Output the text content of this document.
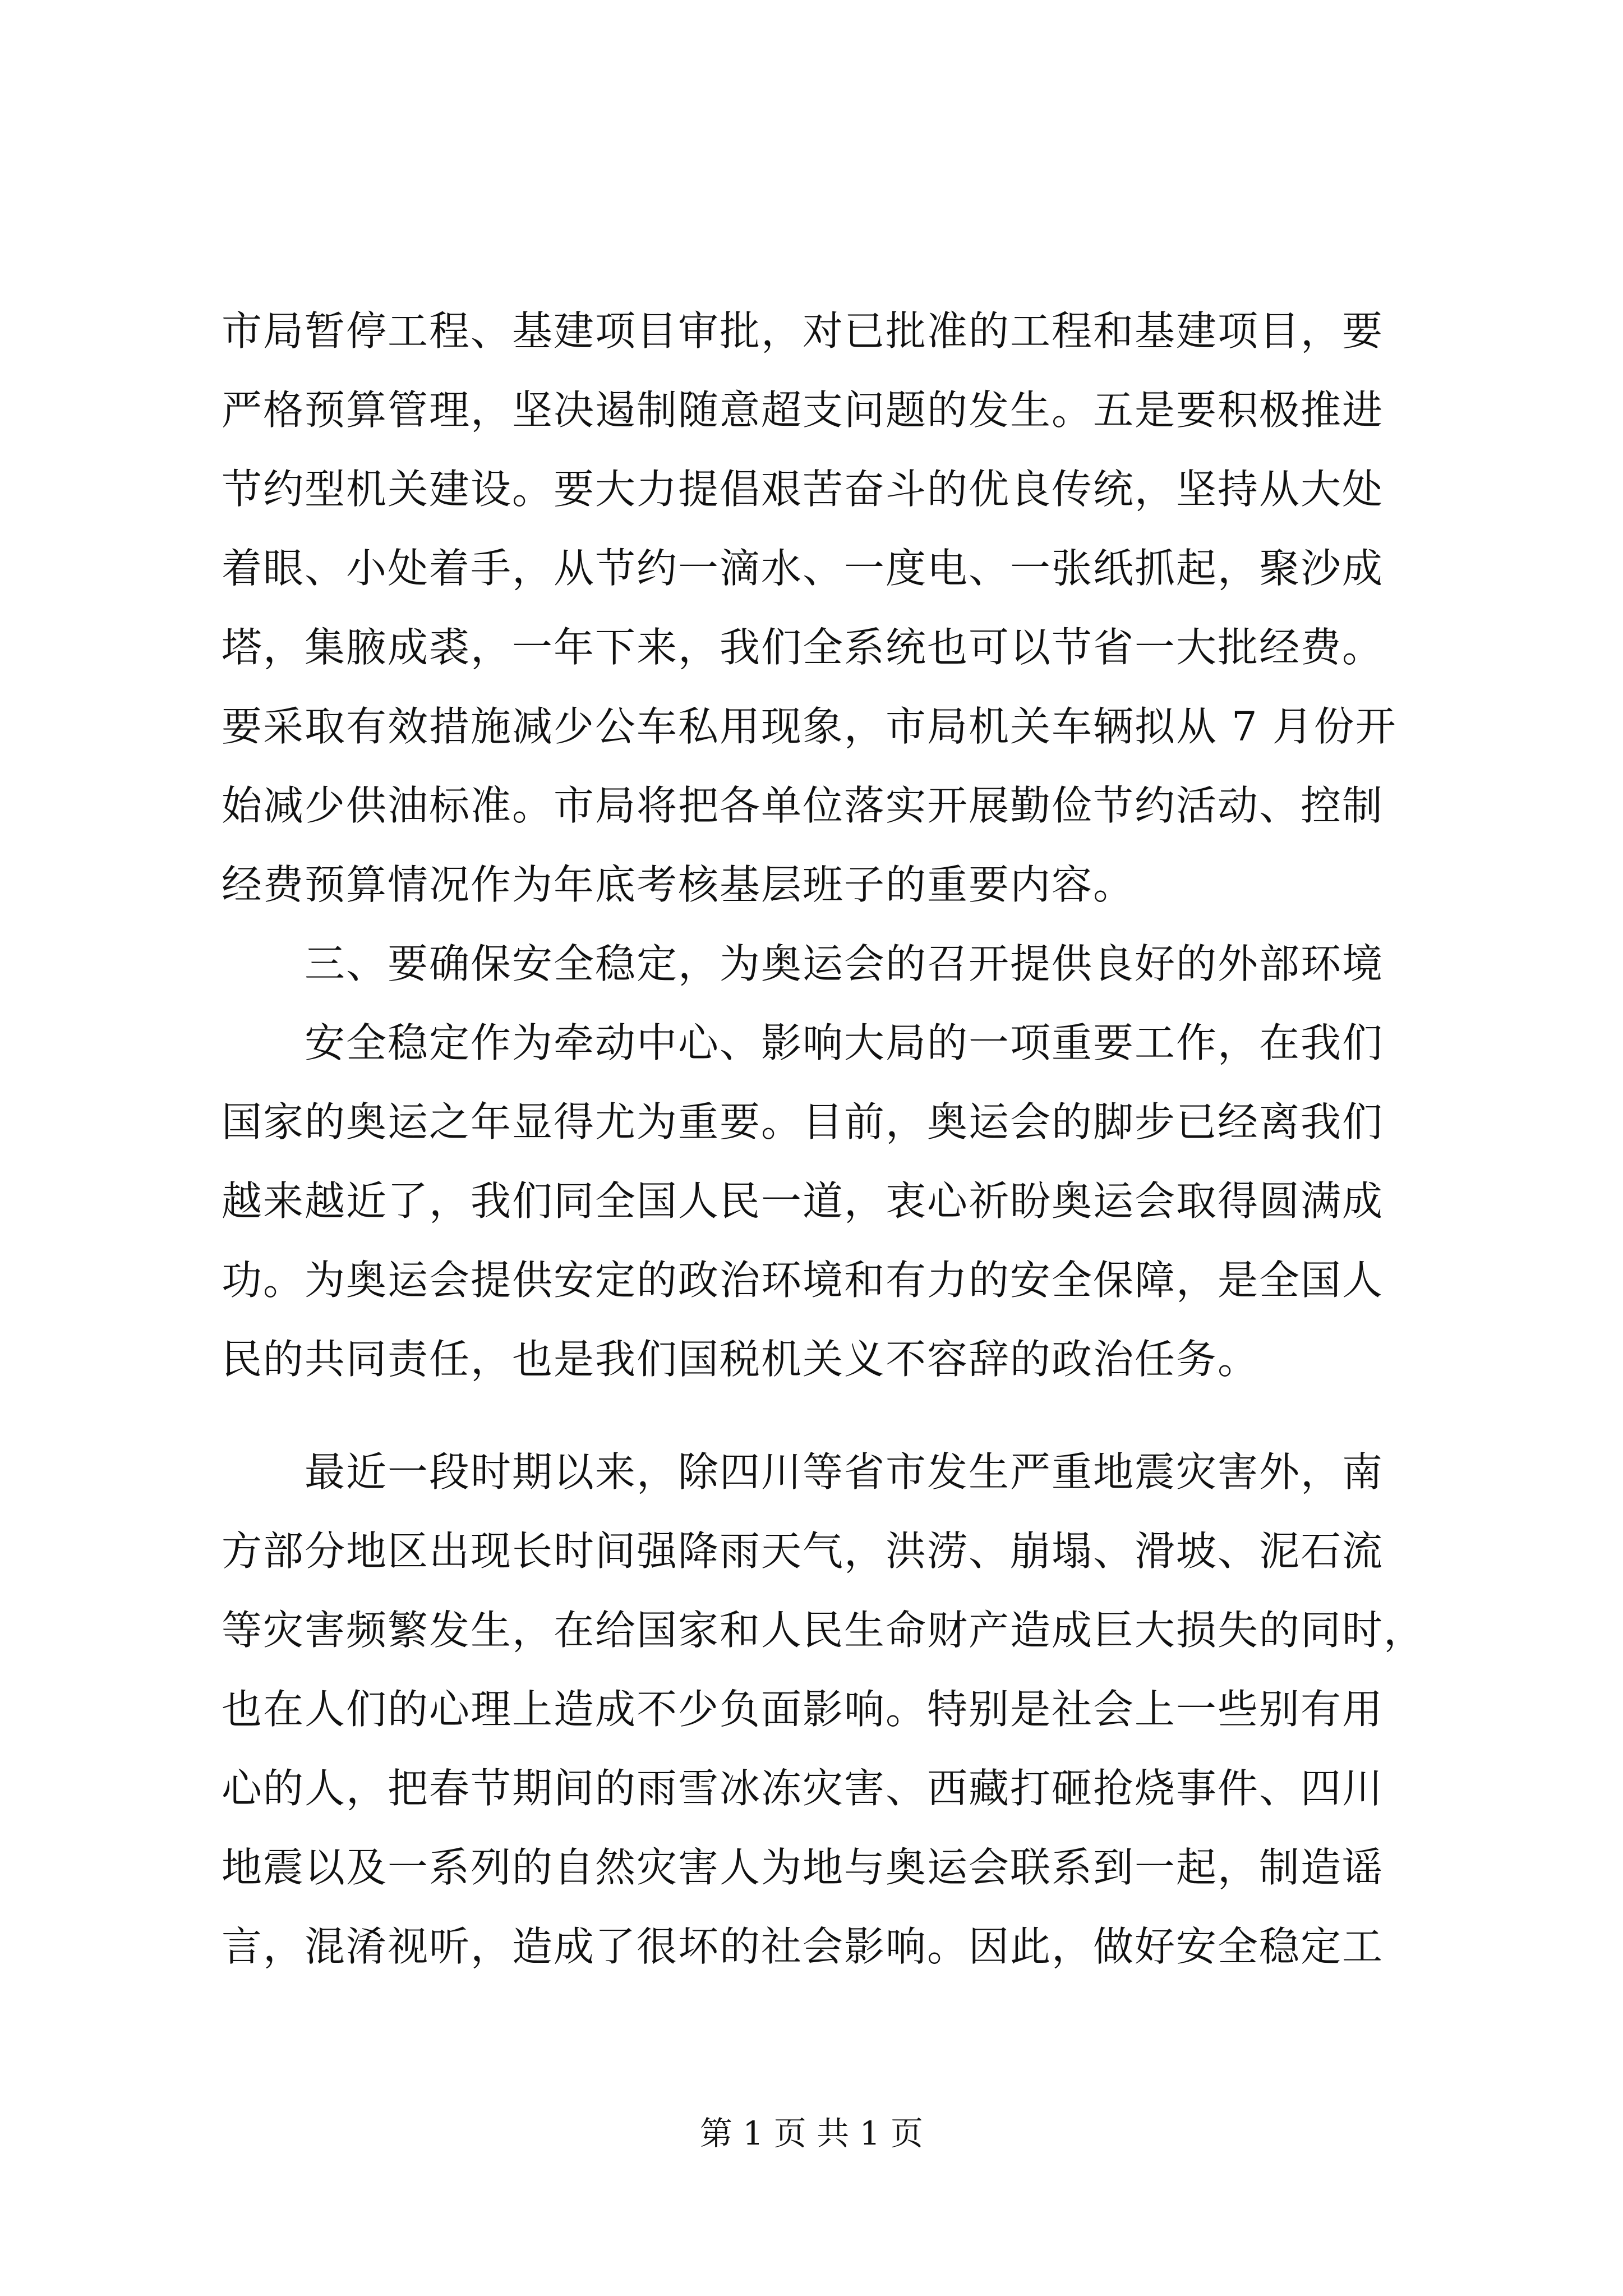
市局暂停工程、基建项目审批，对已批准的工程和基建项目，要
严格预算管理，坚决遏制随意超支问题的发生。五是要积极推进
节约型机关建设。要大力提倡艰苦奋斗的优良传统，坚持从大处
着眼、小处着手，从节约一滴水、一度电、一张纸抓起，聚沙成
塔，集腋成裘，一年下来，我们全系统也可以节省一大批经费。
要采取有效措施减少公车私用现象，市局机关车辆拟从 7 月份开
始减少供油标准。市局将把各单位落实开展勤俭节约活动、控制
经费预算情况作为年底考核基层班子的重要内容。
三、要确保安全稳定，为奥运会的召开提供良好的外部环境
安全稳定作为牵动中心、影响大局的一项重要工作，在我们
国家的奥运之年显得尤为重要。目前，奥运会的脚步已经离我们
越来越近了，我们同全国人民一道，衷心祈盼奥运会取得圆满成
功。为奥运会提供安定的政治环境和有力的安全保障，是全国人
民的共同责任，也是我们国税机关义不容辞的政治任务。
最近一段时期以来，除四川等省市发生严重地震灾害外，南
方部分地区出现长时间强降雨天气，洪涝、崩塌、滑坡、泥石流
等灾害频繁发生，在给国家和人民生命财产造成巨大损失的同时，
也在人们的心理上造成不少负面影响。特别是社会上一些别有用
心的人，把春节期间的雨雪冰冻灾害、西藏打砸抢烧事件、四川
地震以及一系列的自然灾害人为地与奥运会联系到一起，制造谣
言，混淆视听，造成了很坏的社会影响。因此，做好安全稳定工
第 1 页 共 1 页
